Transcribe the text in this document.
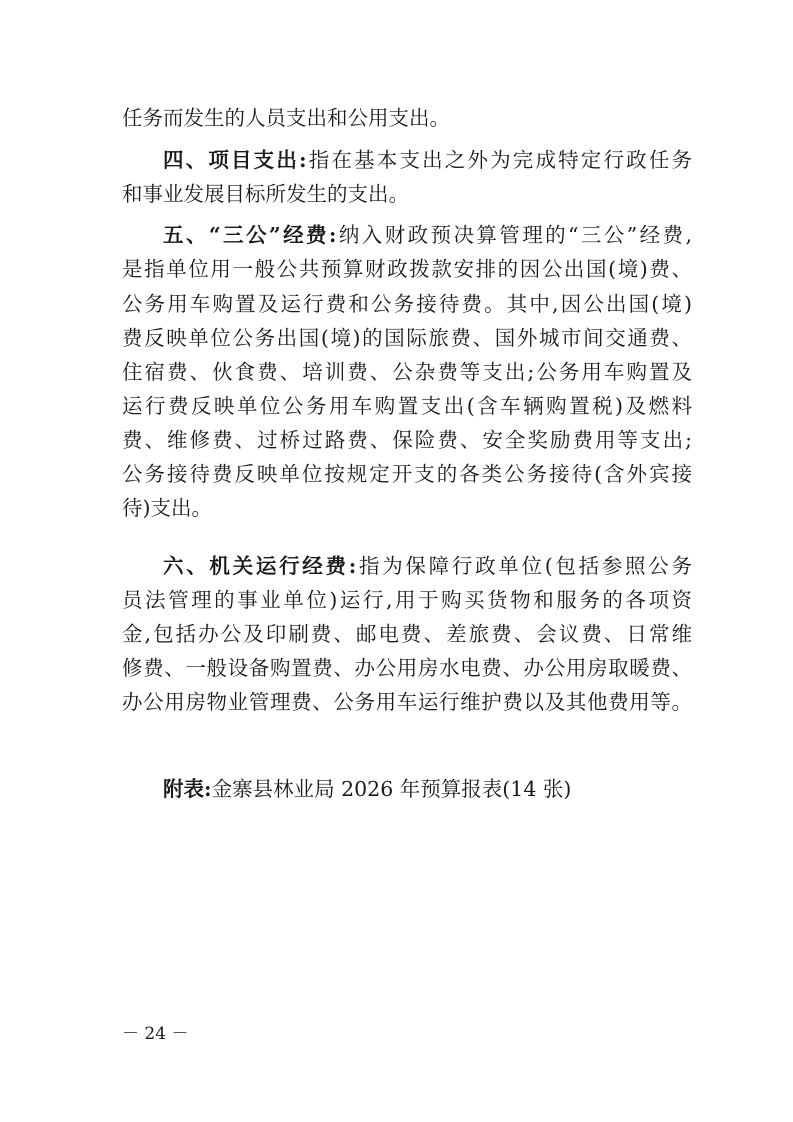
任务而发生的人员支出和公用支出。
四、项目支出:指在基本支出之外为完成特定行政任务
和事业发展目标所发生的支出。
五、“三公”经费:纳入财政预决算管理的“三公”经费,
是指单位用一般公共预算财政拨款安排的因公出国(境)费、
公务用车购置及运行费和公务接待费。其中,因公出国(境)
费反映单位公务出国(境)的国际旅费、国外城市间交通费、
住宿费、伙食费、培训费、公杂费等支出;公务用车购置及
运行费反映单位公务用车购置支出(含车辆购置税)及燃料
费、维修费、过桥过路费、保险费、安全奖励费用等支出;
公务接待费反映单位按规定开支的各类公务接待(含外宾接
待)支出。
六、机关运行经费:指为保障行政单位(包括参照公务
员法管理的事业单位)运行,用于购买货物和服务的各项资
金,包括办公及印刷费、邮电费、差旅费、会议费、日常维
修费、一般设备购置费、办公用房水电费、办公用房取暖费、
办公用房物业管理费、公务用车运行维护费以及其他费用等。
附表:金寨县林业局 2026 年预算报表(14 张)
－ 24 －
